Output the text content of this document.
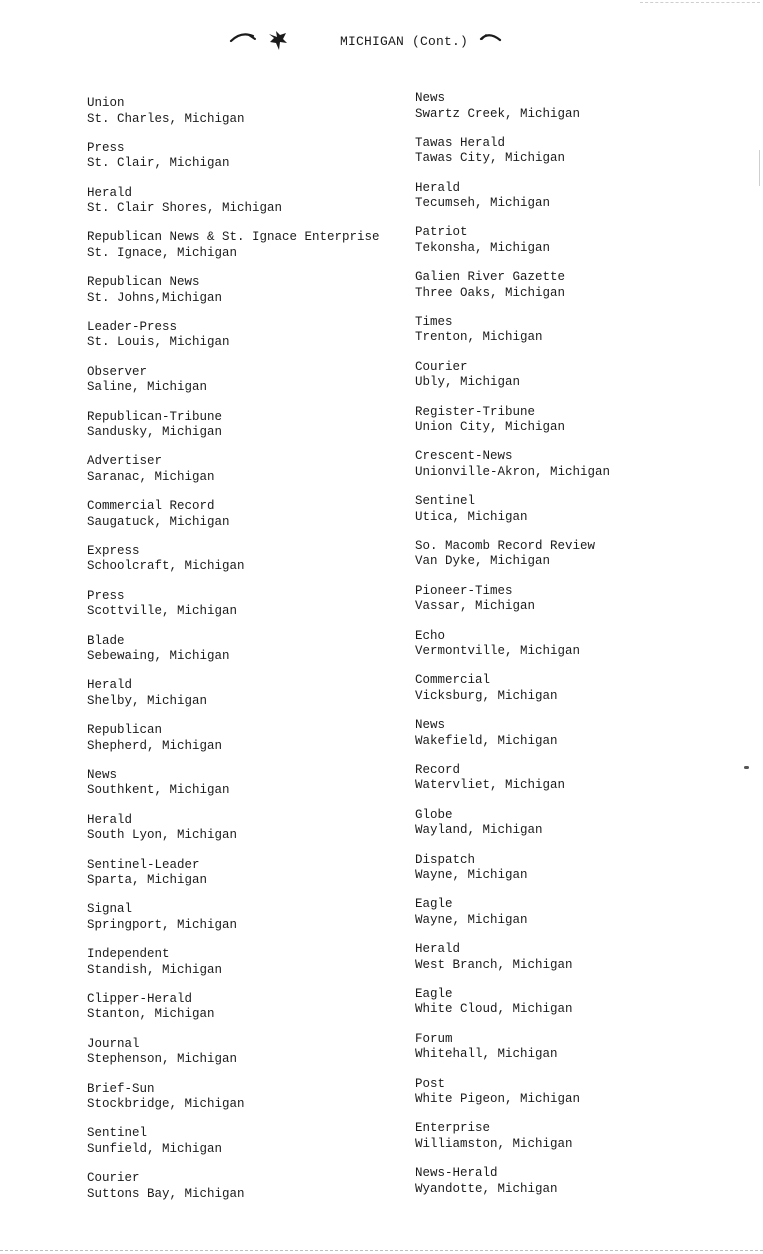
MICHIGAN (Cont.)
Union
St. Charles, Michigan
Press
St. Clair, Michigan
Herald
St. Clair Shores, Michigan
Republican News & St. Ignace Enterprise
St. Ignace, Michigan
Republican News
St. Johns,Michigan
Leader-Press
St. Louis, Michigan
Observer
Saline, Michigan
Republican-Tribune
Sandusky, Michigan
Advertiser
Saranac, Michigan
Commercial Record
Saugatuck, Michigan
Express
Schoolcraft, Michigan
Press
Scottville, Michigan
Blade
Sebewaing, Michigan
Herald
Shelby, Michigan
Republican
Shepherd, Michigan
News
Southkent, Michigan
Herald
South Lyon, Michigan
Sentinel-Leader
Sparta, Michigan
Signal
Springport, Michigan
Independent
Standish, Michigan
Clipper-Herald
Stanton, Michigan
Journal
Stephenson, Michigan
Brief-Sun
Stockbridge, Michigan
Sentinel
Sunfield, Michigan
Courier
Suttons Bay, Michigan
News
Swartz Creek, Michigan
Tawas Herald
Tawas City, Michigan
Herald
Tecumseh, Michigan
Patriot
Tekonsha, Michigan
Galien River Gazette
Three Oaks, Michigan
Times
Trenton, Michigan
Courier
Ubly, Michigan
Register-Tribune
Union City, Michigan
Crescent-News
Unionville-Akron, Michigan
Sentinel
Utica, Michigan
So. Macomb Record Review
Van Dyke, Michigan
Pioneer-Times
Vassar, Michigan
Echo
Vermontville, Michigan
Commercial
Vicksburg, Michigan
News
Wakefield, Michigan
Record
Watervliet, Michigan
Globe
Wayland, Michigan
Dispatch
Wayne, Michigan
Eagle
Wayne, Michigan
Herald
West Branch, Michigan
Eagle
White Cloud, Michigan
Forum
Whitehall, Michigan
Post
White Pigeon, Michigan
Enterprise
Williamston, Michigan
News-Herald
Wyandotte, Michigan
